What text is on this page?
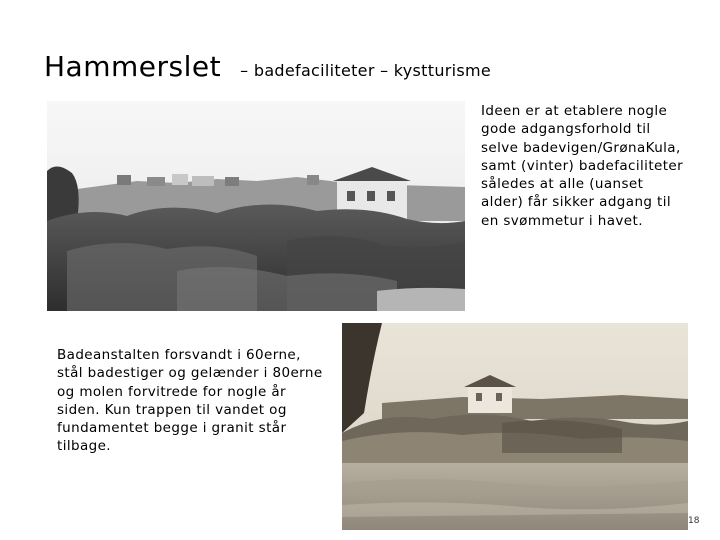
Hammerslet – badefaciliteter – kystturisme
Ideen er at etablere nogle gode adgangsforhold til selve badevigen/GrønaKula, samt (vinter) badefaciliteter således at alle (uanset alder) får sikker adgang til en svømmetur i havet.
Badeanstalten forsvandt i 60erne, stål badestiger og gelænder i 80erne og molen forvitrede for nogle år siden. Kun trappen til vandet og fundamentet begge i granit står tilbage.
18
